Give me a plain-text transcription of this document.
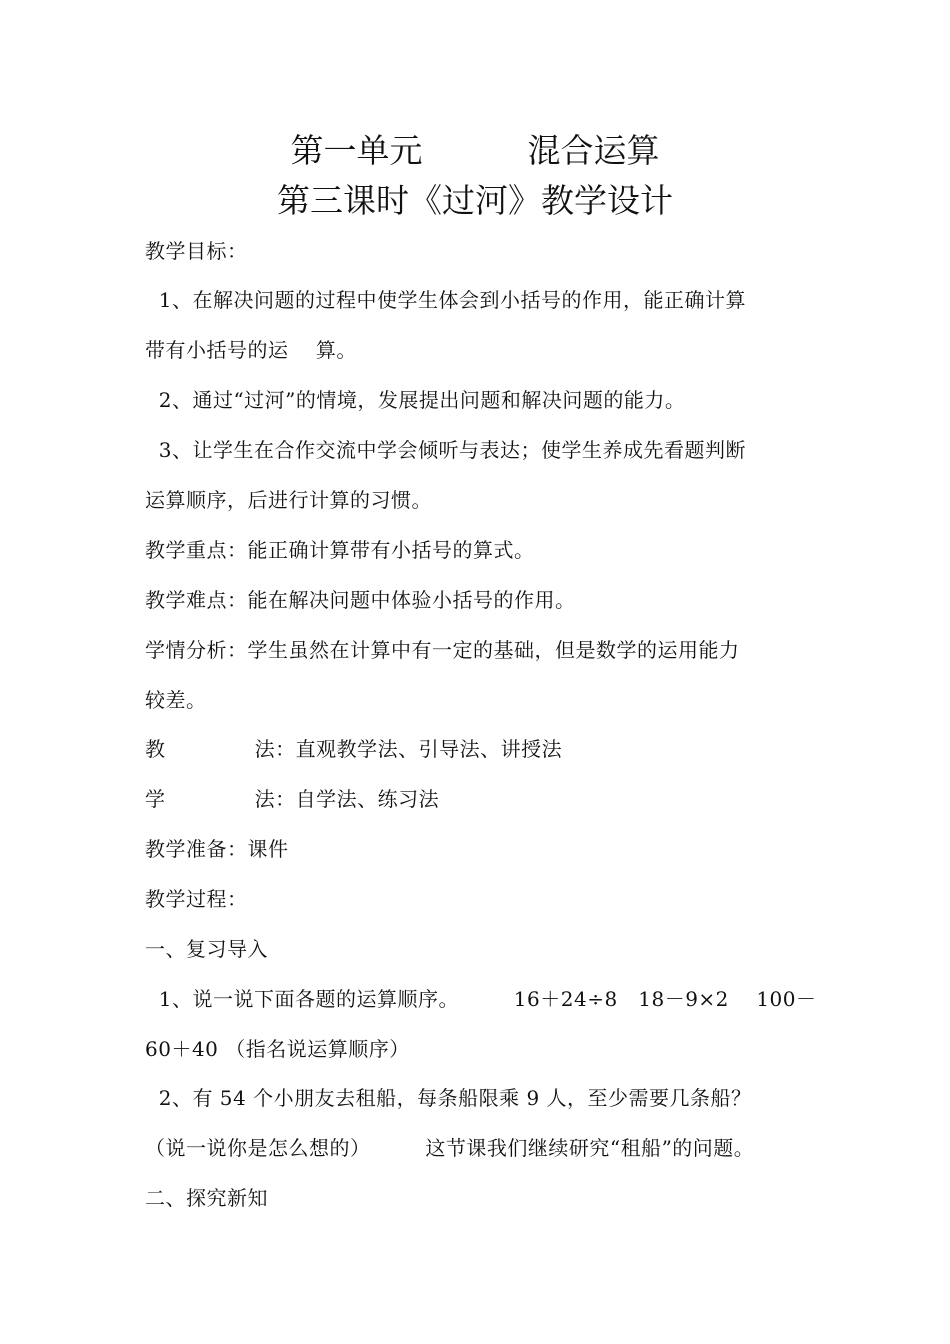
第一单元          混合运算
第三课时《过河》教学设计
教学目标：
1、在解决问题的过程中使学生体会到小括号的作用，能正确计算
带有小括号的运    算。
2、通过“过河”的情境，发展提出问题和解决问题的能力。
3、让学生在合作交流中学会倾听与表达；使学生养成先看题判断
运算顺序，后进行计算的习惯。
教学重点：能正确计算带有小括号的算式。
教学难点：能在解决问题中体验小括号的作用。
学情分析：学生虽然在计算中有一定的基础，但是数学的运用能力
较差。
教             法：直观教学法、引导法、讲授法
学             法：自学法、练习法
教学准备：课件
教学过程：
一、复习导入
1、说一说下面各题的运算顺序。        16＋24÷8   18－9×2    100－
60＋40 （指名说运算顺序）
2、有 54 个小朋友去租船，每条船限乘 9 人，至少需要几条船？
（说一说你是怎么想的）        这节课我们继续研究“租船”的问题。
二、探究新知
